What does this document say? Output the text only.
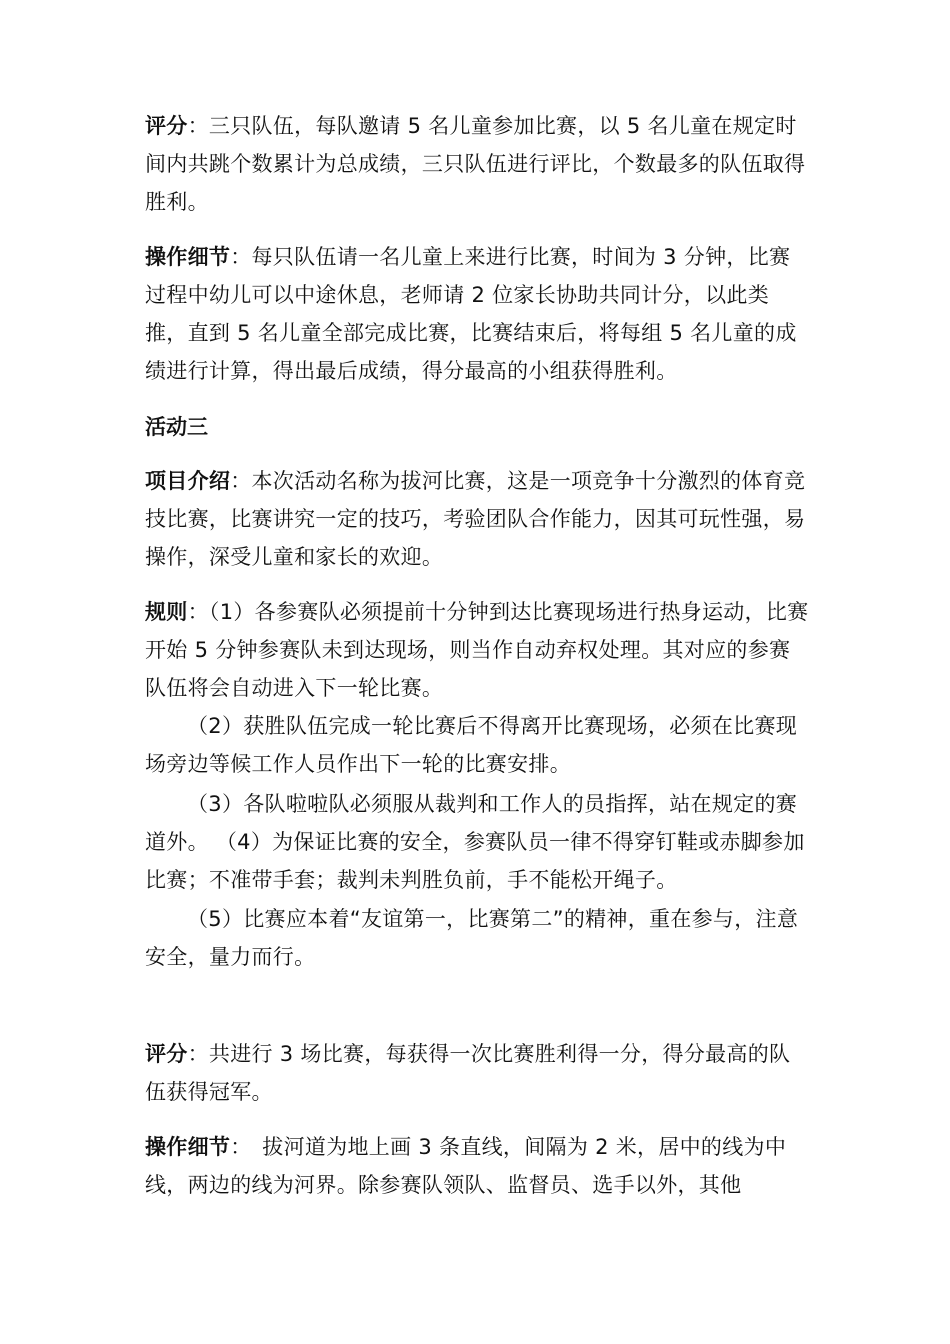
评分：三只队伍，每队邀请 5 名儿童参加比赛，以 5 名儿童在规定时间内共跳个数累计为总成绩，三只队伍进行评比，个数最多的队伍取得胜利。

操作细节：每只队伍请一名儿童上来进行比赛，时间为 3 分钟，比赛过程中幼儿可以中途休息，老师请 2 位家长协助共同计分，以此类推，直到 5 名儿童全部完成比赛，比赛结束后，将每组 5 名儿童的成绩进行计算，得出最后成绩，得分最高的小组获得胜利。

活动三

项目介绍：本次活动名称为拔河比赛，这是一项竞争十分激烈的体育竞技比赛，比赛讲究一定的技巧，考验团队合作能力，因其可玩性强，易操作，深受儿童和家长的欢迎。

规则：（1）各参赛队必须提前十分钟到达比赛现场进行热身运动，比赛开始 5 分钟参赛队未到达现场，则当作自动弃权处理。其对应的参赛队伍将会自动进入下一轮比赛。

（2）获胜队伍完成一轮比赛后不得离开比赛现场，必须在比赛现场旁边等候工作人员作出下一轮的比赛安排。

（3）各队啦啦队必须服从裁判和工作人的员指挥，站在规定的赛道外。 （4）为保证比赛的安全，参赛队员一律不得穿钉鞋或赤脚参加比赛；不准带手套；裁判未判胜负前，手不能松开绳子。

（5）比赛应本着“友谊第一，比赛第二”的精神，重在参与，注意安全，量力而行。

评分：共进行 3 场比赛，每获得一次比赛胜利得一分，得分最高的队伍获得冠军。

操作细节：　拔河道为地上画 3 条直线，间隔为 2 米，居中的线为中线，两边的线为河界。除参赛队领队、监督员、选手以外，其他
